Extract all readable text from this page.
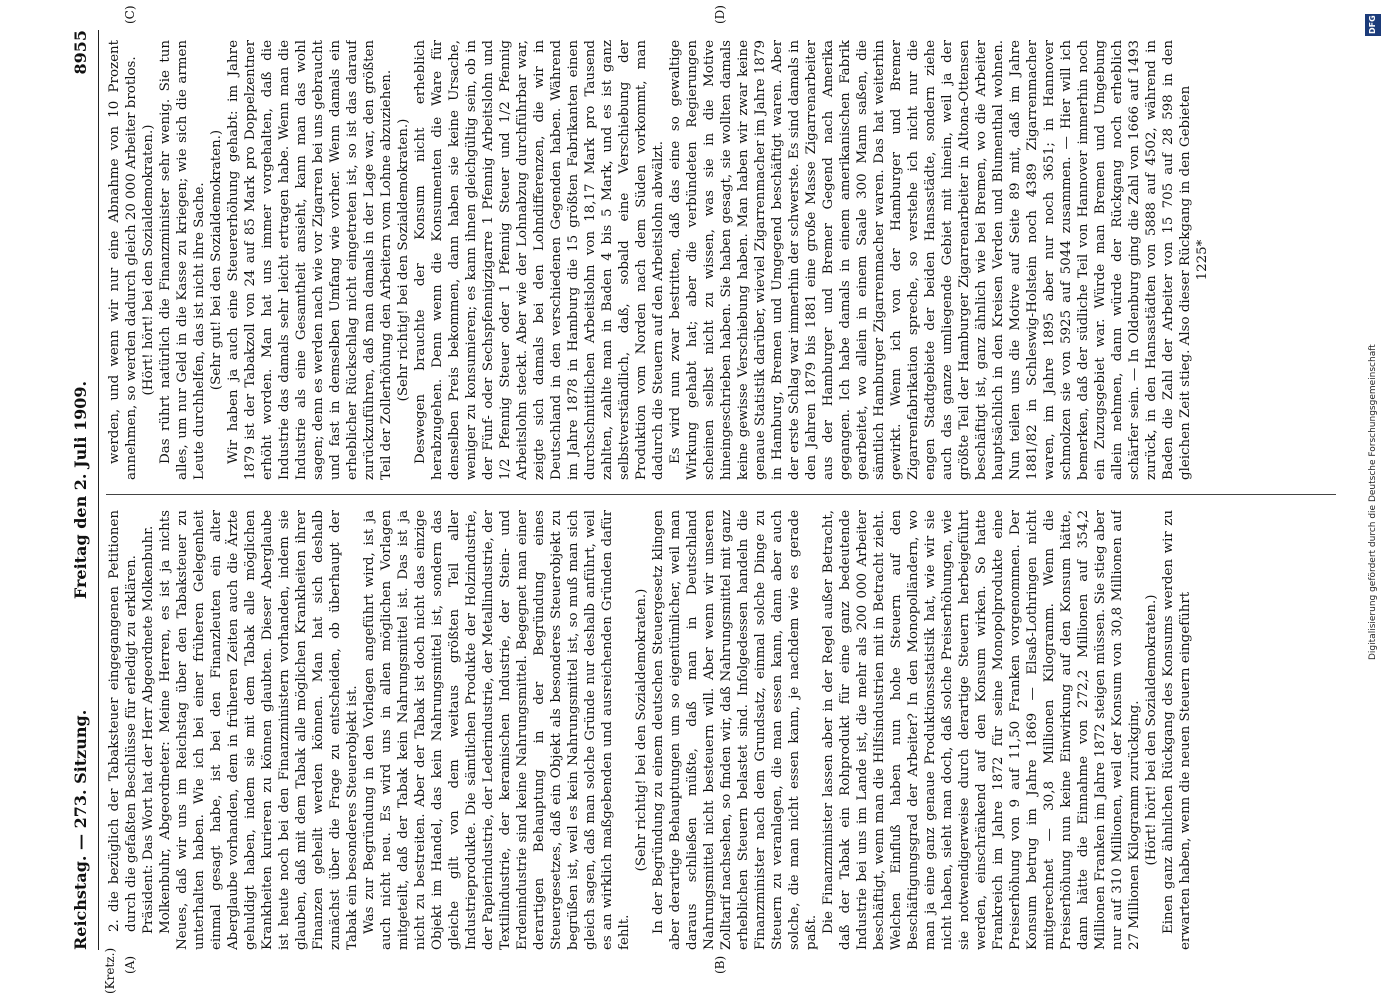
Reichstag. — 273. Sitzung.
Freitag den 2. Juli 1909.
8955
(Kretz.) (A)	(B)
(C)	(D)

2. die bezüglich der Tabaksteuer eingegangenen Petitionen durch die gefaßten Beschlüsse für erledigt zu erklären. Präsident: Das Wort hat der Herr Abgeordnete Molkenbuhr. Molkenbuhr, Abgeordneter: Meine Herren, es ist ja nichts Neues, daß wir uns im Reichstag über den Tabaksteuer zu unterhalten haben. Wie ich bei einer früheren Gelegenheit einmal gesagt habe, ist bei den Finanzleuten ein alter Aberglaube vorhanden, dem in früheren Zeiten auch die Ärzte gehuldigt haben, indem sie mit dem Tabak alle möglichen Krankheiten kurieren zu können glaubten. Dieser Aberglaube ist heute noch bei den Finanzministern vorhanden, indem sie glauben, daß mit dem Tabak alle möglichen Krankheiten ihrer Finanzen geheilt werden können. Man hat sich deshalb zunächst über die Frage zu entscheiden, ob überhaupt der Tabak ein besonderes Steuerobjekt ist. Was zur Begründung in den Vorlagen angeführt wird, ist ja auch nicht neu. Es wird uns in allen möglichen Vorlagen mitgeteilt, daß der Tabak kein Nahrungsmittel ist. Das ist ja nicht zu bestreiten. Aber der Tabak ist doch nicht das einzige Objekt im Handel, das kein Nahrungsmittel ist, sondern das gleiche gilt von dem weitaus größten Teil aller Industrieprodukte. Die sämtlichen Produkte der Holzindustrie, der Papierindustrie, der Lederindustrie, der Metallindustrie, der Textilindustrie, der keramischen Industrie, der Stein- und Erdenindustrie sind keine Nahrungsmittel. Begegnet man einer derartigen Behauptung in der Begründung eines Steuergesetzes, daß ein Objekt als besonderes Steuerobjekt zu begrüßen ist, weil es kein Nahrungsmittel ist, so muß man sich gleich sagen, daß man solche Gründe nur deshalb anführt, weil es an wirklich maßgebenden und ausreichenden Gründen dafür fehlt.

(Sehr richtig! bei den Sozialdemokraten.) In der Begründung zu einem deutschen Steuergesetz klingen aber derartige Behauptungen um so eigentümlicher, weil man daraus schließen müßte, daß man in Deutschland Nahrungsmittel nicht besteuern will. Aber wenn wir unseren Zolltarif nachsehen, so finden wir, daß Nahrungsmittel mit ganz erheblichen Steuern belastet sind. Infolgedessen handeln die Finanzminister nach dem Grundsatz, einmal solche Dinge zu Steuern zu veranlagen, die man essen kann, dann aber auch solche, die man nicht essen kann, je nachdem wie es gerade paßt. Die Finanzminister lassen aber in der Regel außer Betracht, daß der Tabak ein Rohprodukt für eine ganz bedeutende Industrie bei uns im Lande ist, die mehr als 200 000 Arbeiter beschäftigt, wenn man die Hilfsindustrien mit in Betracht zieht. Welchen Einfluß haben nun hohe Steuern auf den Beschäftigungsgrad der Arbeiter? In den Monopolländern, wo man ja eine ganz genaue Produktionsstatistik hat, wie wir sie nicht haben, sieht man doch, daß solche Preiserhöhungen, wie sie notwendigerweise durch derartige Steuern herbeigeführt werden, einschränkend auf den Konsum wirken. So hatte Frankreich im Jahre 1872 für seine Monopolprodukte eine Preiserhöhung von 9 auf 11,50 Franken vorgenommen. Der Konsum betrug im Jahre 1869 — Elsaß-Lothringen nicht mitgerechnet — 30,8 Millionen Kilogramm. Wenn die Preiserhöhung nun keine Einwirkung auf den Konsum hätte, dann hätte die Einnahme von 272,2 Millionen auf 354,2 Millionen Franken im Jahre 1872 steigen müssen. Sie stieg aber nur auf 310 Millionen, weil der Konsum von 30,8 Millionen auf 27 Millionen Kilogramm zurückging. (Hört! hört! bei den Sozialdemokraten.) Einen ganz ähnlichen Rückgang des Konsums werden wir zu erwarten haben, wenn die neuen Steuern eingeführt

werden, und wenn wir nur eine Abnahme von 10 Prozent annehmen, so werden dadurch gleich 20 000 Arbeiter brotlos. (Hört! hört! bei den Sozialdemokraten.) Das rührt natürlich die Finanzminister sehr wenig. Sie tun alles, um nur Geld in die Kasse zu kriegen; wie sich die armen Leute durchhelfen, das ist nicht ihre Sache. (Sehr gut! bei den Sozialdemokraten.) Wir haben ja auch eine Steuererhöhung gehabt: im Jahre 1879 ist der Tabakzoll von 24 auf 85 Mark pro Doppelzentner erhöht worden. Man hat uns immer vorgehalten, daß die Industrie das damals sehr leicht ertragen habe. Wenn man die Industrie als eine Gesamtheit ansieht, kann man das wohl sagen; denn es werden nach wie vor Zigarren bei uns gebraucht und fast in demselben Umfang wie vorher. Wenn damals ein erheblicher Rückschlag nicht eingetreten ist, so ist das darauf zurückzuführen, daß man damals in der Lage war, den größten Teil der Zollerhöhung den Arbeitern vom Lohne abzuziehen. (Sehr richtig! bei den Sozialdemokraten.) Deswegen brauchte der Konsum nicht erheblich herabzugehen. Denn wenn die Konsumenten die Ware für denselben Preis bekommen, dann haben sie keine Ursache, weniger zu konsumieren; es kann ihnen gleichgültig sein, ob in der Fünf- oder Sechspfennigzigarre 1 Pfennig Arbeitslohn und 1/2 Pfennig Steuer oder 1 Pfennig Steuer und 1/2 Pfennig Arbeitslohn steckt. Aber wie der Lohnabzug durchführbar war, zeigte sich damals bei den Lohndifferenzen, die wir in Deutschland in den verschiedenen Gegenden haben. Während im Jahre 1878 in Hamburg die 15 größten Fabrikanten einen durchschnittlichen Arbeitslohn von 18,17 Mark pro Tausend zahlten, zahlte man in Baden 4 bis 5 Mark, und es ist ganz selbstverständlich, daß, sobald eine Verschiebung der Produktion vom Norden nach dem Süden vorkommt, man dadurch die Steuern auf den Arbeitslohn abwälzt. Es wird nun zwar bestritten, daß das eine so gewaltige Wirkung gehabt hat; aber die verbündeten Regierungen scheinen selbst nicht zu wissen, was sie in die Motive hineingeschrieben haben. Sie haben gesagt, sie wollten damals keine gewisse Verschiebung haben. Man haben wir zwar keine genaue Statistik darüber, wieviel Zigarrenmacher im Jahre 1879 in Hamburg, Bremen und Umgegend beschäftigt waren. Aber der erste Schlag war immerhin der schwerste. Es sind damals in den Jahren 1879 bis 1881 eine große Masse Zigarrenarbeiter aus der Hamburger und Bremer Gegend nach Amerika gegangen. Ich habe damals in einem amerikanischen Fabrik gearbeitet, wo allein in einem Saale 300 Mann saßen, die sämtlich Hamburger Zigarrenmacher waren. Das hat weiterhin gewirkt. Wenn ich von der Hamburger und Bremer Zigarrenfabrikation spreche, so verstehe ich nicht nur die engen Stadtgebiete der beiden Hansastädte, sondern ziehe auch das ganze umliegende Gebiet mit hinein, weil ja der größte Teil der Hamburger Zigarrenarbeiter in Altona-Ottensen beschäftigt ist, ganz ähnlich wie bei Bremen, wo die Arbeiter hauptsächlich in den Kreisen Verden und Blumenthal wohnen. Nun teilen uns die Motive auf Seite 89 mit, daß im Jahre 1881/82 in Schleswig-Holstein noch 4389 Zigarrenmacher waren, im Jahre 1895 aber nur noch 3651; in Hannover schmolzen sie von 5925 auf 5044 zusammen. — Hier will ich bemerken, daß der südliche Teil von Hannover immerhin noch ein Zuzugsgebiet war. Würde man Bremen und Umgebung allein nehmen, dann würde der Rückgang noch erheblich schärfer sein. — In Oldenburg ging die Zahl von 1666 auf 1493 zurück, in den Hansastädten von 5888 auf 4502, während in Baden die Zahl der Arbeiter von 15 705 auf 28 598 in den gleichen Zeit stieg. Also dieser Rückgang in den Gebieten 1225*

DFG
Digitalisierung gefördert durch die Deutsche Forschungsgemeinschaft
